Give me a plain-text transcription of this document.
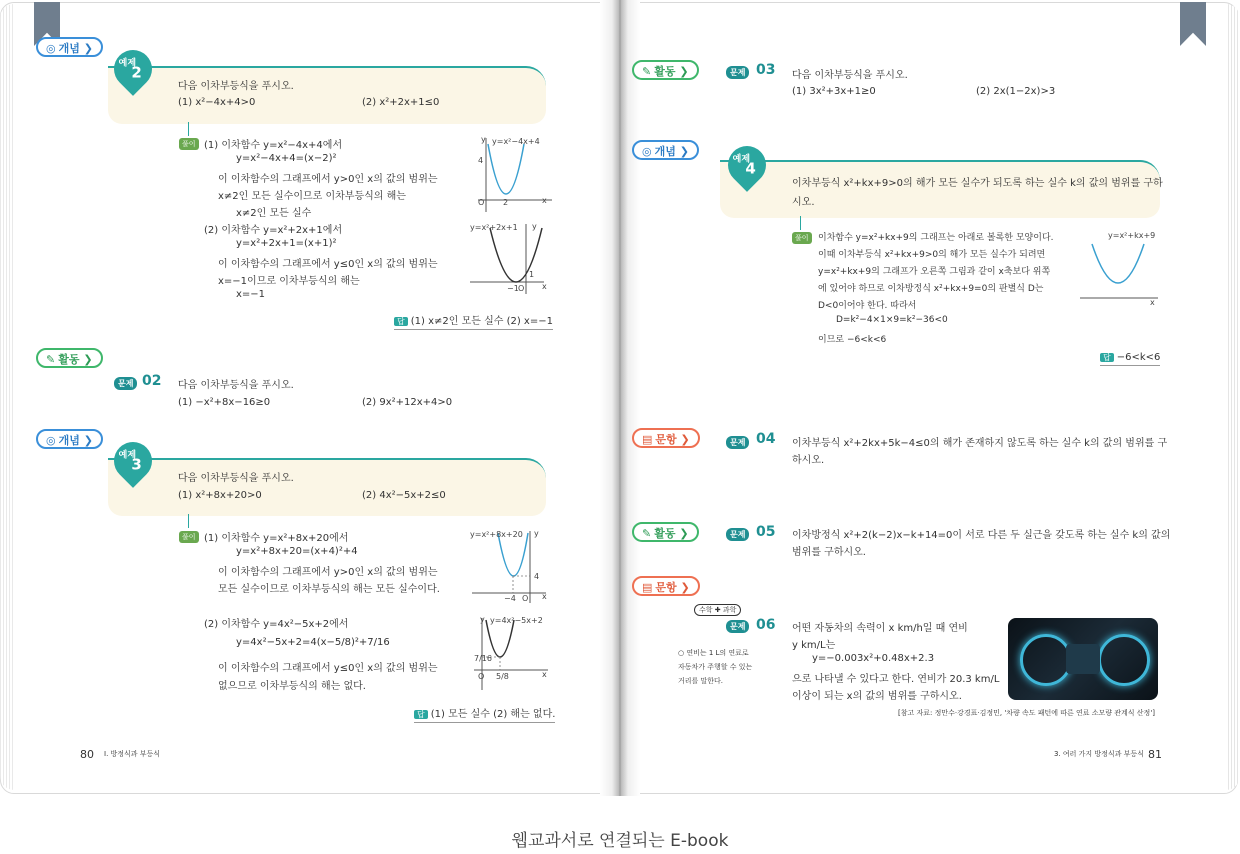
◎ 개념 ❯
예제
2
다음 이차부등식을 푸시오.
(1) x²−4x+4>0	(2) x²+2x+1≤0
풀이 (1) 이차함수 y=x²−4x+4에서
y=x²−4x+4=(x−2)²
이 이차함수의 그래프에서 y>0인 x의 값의 범위는
x≠2인 모든 실수이므로 이차부등식의 해는
x≠2인 모든 실수
(2) 이차함수 y=x²+2x+1에서
y=x²+2x+1=(x+1)²
이 이차함수의 그래프에서 y≤0인 x의 값의 범위는
x=−1이므로 이차부등식의 해는
x=−1
y=x²−4x+4
y
4
O 2	x
y=x²+2x+1 y
1
−1 O x
답 (1) x≠2인 모든 실수 (2) x=−1
✎ 활동 ❯
문제 02 다음 이차부등식을 푸시오.
(1) −x²+8x−16≥0	(2) 9x²+12x+4>0
◎ 개념 ❯
예제
3
다음 이차부등식을 푸시오.
(1) x²+8x+20>0	(2) 4x²−5x+2≤0
풀이 (1) 이차함수 y=x²+8x+20에서
y=x²+8x+20=(x+4)²+4
이 이차함수의 그래프에서 y>0인 x의 값의 범위는
모든 실수이므로 이차부등식의 해는 모든 실수이다.
(2) 이차함수 y=4x²−5x+2에서
y=4x²−5x+2=4(x−5/8)²+7/16
이 이차함수의 그래프에서 y≤0인 x의 값의 범위는
없으므로 이차부등식의 해는 없다.
y=x²+8x+20 y
4
−4 O x
y y=4x²−5x+2
7/16
O 5/8	x
답 (1) 모든 실수 (2) 해는 없다.
80 Ⅰ. 방정식과 부등식
✎ 활동 ❯	문제 03 다음 이차부등식을 푸시오.
(1) 3x²+3x+1≥0	(2) 2x(1−2x)>3
◎ 개념 ❯
예제
4
이차부등식 x²+kx+9>0의 해가 모든 실수가 되도록 하는 실수 k의 값의 범위를 구하
시오.
풀이	이차함수 y=x²+kx+9의 그래프는 아래로 볼록한 모양이다.
이때 이차부등식 x²+kx+9>0의 해가 모든 실수가 되려면
y=x²+kx+9의 그래프가 오른쪽 그림과 같이 x축보다 위쪽
에 있어야 하므로 이차방정식 x²+kx+9=0의 판별식 D는
D<0이어야 한다. 따라서
D=k²−4×1×9=k²−36<0
이므로 −6<k<6
y=x²+kx+9
x
답 −6<k<6
▤ 문항 ❯	문제 04 이차부등식 x²+2kx+5k−4≤0의 해가 존재하지 않도록 하는 실수 k의 값의 범위를 구
하시오.
✎ 활동 ❯	문제 05 이차방정식 x²+2(k−2)x−k+14=0이 서로 다른 두 실근을 갖도록 하는 실수 k의 값의
범위를 구하시오.
▤ 문항 ❯
수학 ✚ 과학
문제 06
○ 연비는 1 L의 연료로
자동차가 주행할 수 있는
거리를 말한다.
어떤 자동차의 속력이 x km/h일 때 연비
y km/L는
y=−0.003x²+0.48x+2.3
으로 나타낼 수 있다고 한다. 연비가 20.3 km/L
이상이 되는 x의 값의 범위를 구하시오.
[참고 자료: 정만수·강경표·김정민, '차량 속도 패턴에 따른 연료 소모량 관계식 산정']
3. 여러 가지 방정식과 부등식 81
웹교과서로 연결되는 E-book
